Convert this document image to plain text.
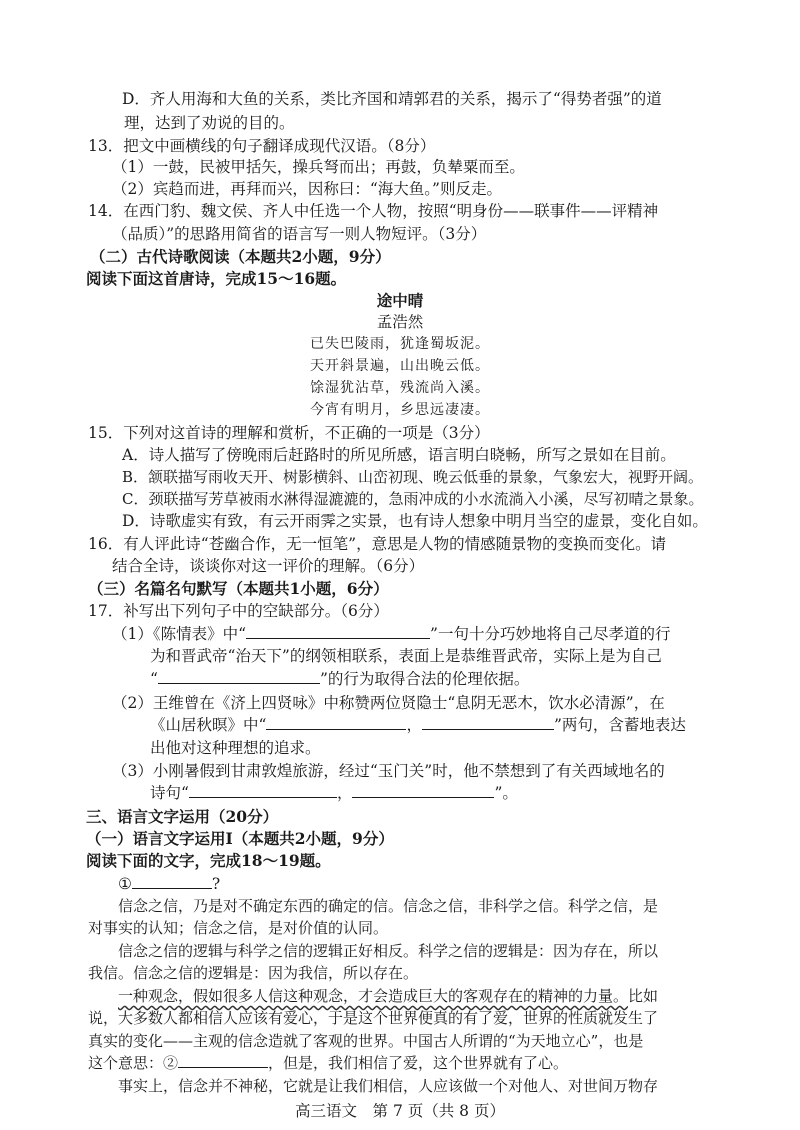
D．齐人用海和大鱼的关系，类比齐国和靖郭君的关系，揭示了“得势者强”的道
理，达到了劝说的目的。
13．把文中画横线的句子翻译成现代汉语。（8分）
（1）一鼓，民被甲括矢，操兵弩而出；再鼓，负辇粟而至。
（2）宾趋而进，再拜而兴，因称曰：“海大鱼。”则反走。
14．在西门豹、魏文侯、齐人中任选一个人物，按照“明身份——联事件——评精神
（品质）”的思路用简省的语言写一则人物短评。（3分）
（二）古代诗歌阅读（本题共2小题，9分）
阅读下面这首唐诗，完成15～16题。
途中晴
孟浩然
已失巴陵雨，犹逢蜀坂泥。
天开斜景遍，山出晚云低。
馀湿犹沾草，残流尚入溪。
今宵有明月，乡思远凄凄。
15．下列对这首诗的理解和赏析，不正确的一项是（3分）
A．诗人描写了傍晚雨后赶路时的所见所感，语言明白晓畅，所写之景如在目前。
B．颔联描写雨收天开、树影横斜、山峦初现、晚云低垂的景象，气象宏大，视野开阔。
C．颈联描写芳草被雨水淋得湿漉漉的，急雨冲成的小水流淌入小溪，尽写初晴之景象。
D．诗歌虚实有致，有云开雨霁之实景，也有诗人想象中明月当空的虚景，变化自如。
16．有人评此诗“苍幽合作，无一恒笔”，意思是人物的情感随景物的变换而变化。请
结合全诗，谈谈你对这一评价的理解。（6分）
（三）名篇名句默写（本题共1小题，6分）
17．补写出下列句子中的空缺部分。（6分）
（1）《陈情表》中“	”一句十分巧妙地将自己尽孝道的行
为和晋武帝“治天下”的纲领相联系，表面上是恭维晋武帝，实际上是为自己
“	”的行为取得合法的伦理依据。
（2）王维曾在《济上四贤咏》中称赞两位贤隐士“息阴无恶木，饮水必清源”，在
《山居秋暝》中“	，	”两句，含蓄地表达
出他对这种理想的追求。
（3）小刚暑假到甘肃敦煌旅游，经过“玉门关”时，他不禁想到了有关西域地名的
诗句“	，	”。
三、语言文字运用（20分）
（一）语言文字运用Ⅰ（本题共2小题，9分）
阅读下面的文字，完成18～19题。
①	?
信念之信，乃是对不确定东西的确定的信。信念之信，非科学之信。科学之信，是
对事实的认知；信念之信，是对价值的认同。
信念之信的逻辑与科学之信的逻辑正好相反。科学之信的逻辑是：因为存在，所以
我信。信念之信的逻辑是：因为我信，所以存在。
一种观念，假如很多人信这种观念，才会造成巨大的客观存在的精神的力量。比如
说，大多数人都相信人应该有爱心，于是这个世界便真的有了爱，世界的性质就发生了
真实的变化——主观的信念造就了客观的世界。中国古人所谓的“为天地立心”，也是
这个意思：②	，但是，我们相信了爱，这个世界就有了心。
事实上，信念并不神秘，它就是让我们相信，人应该做一个对他人、对世间万物存
高三语文　第 7 页（共 8 页）
